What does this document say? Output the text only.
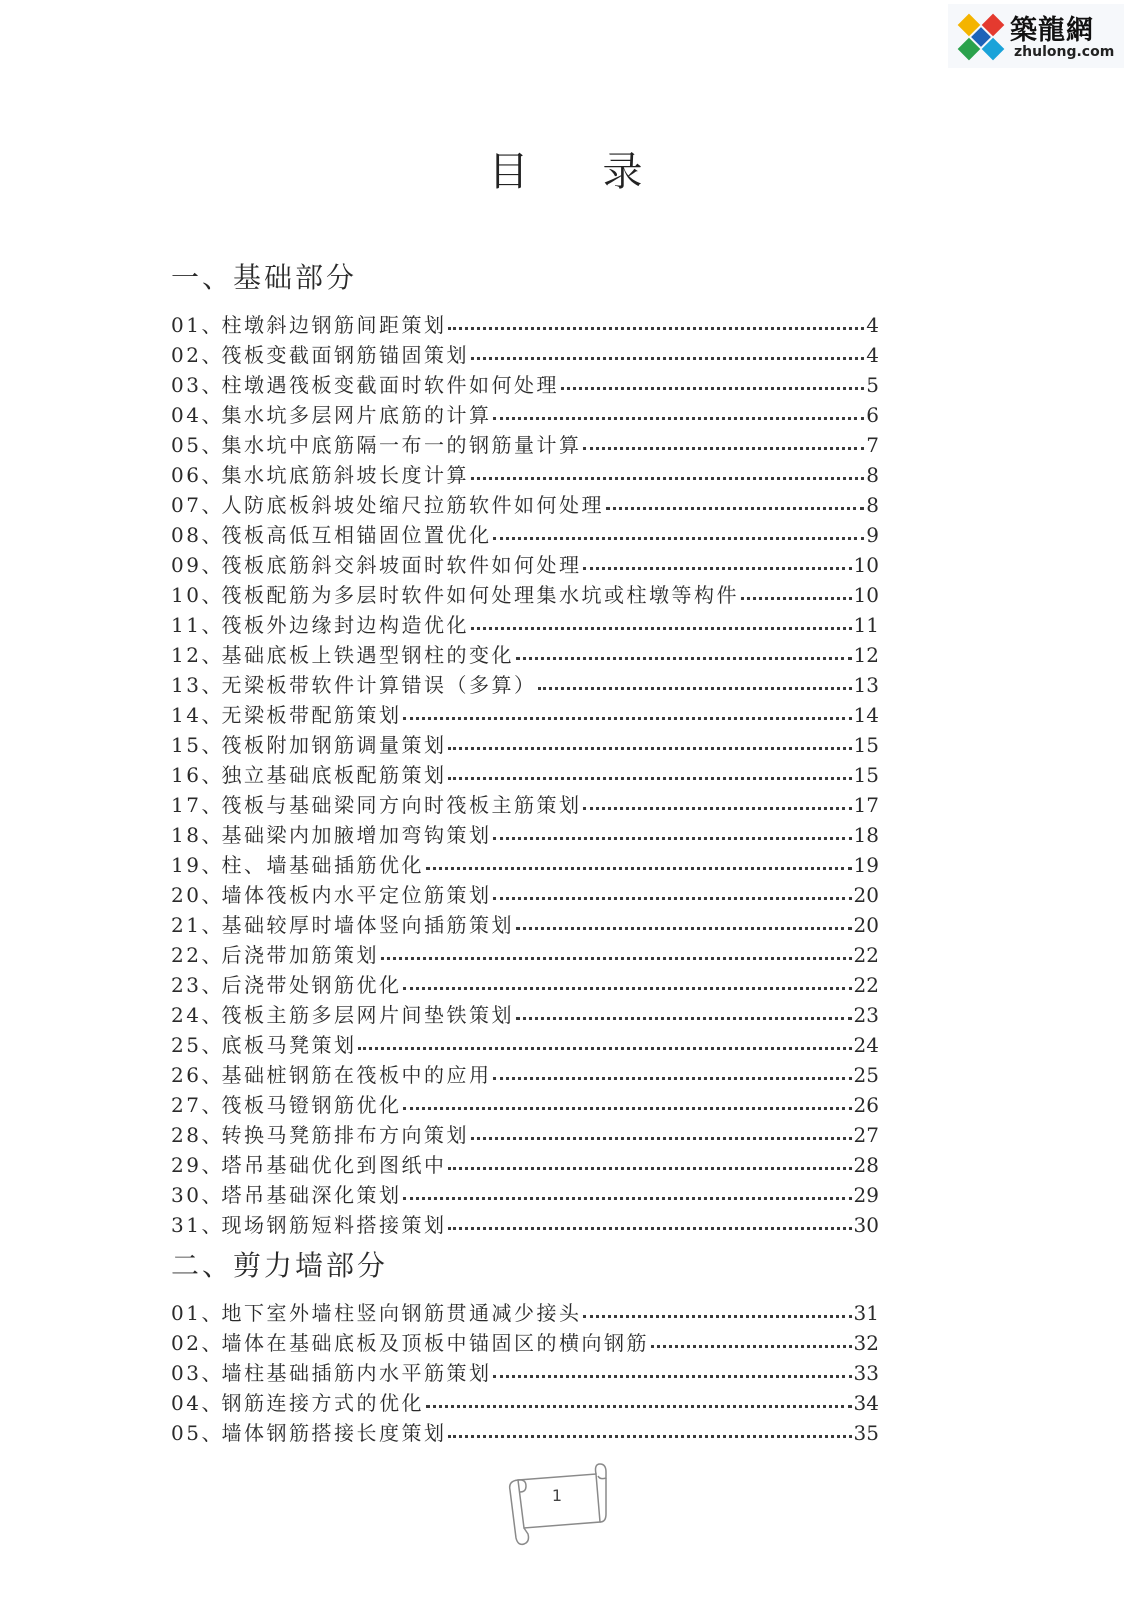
築龍網
zhulong.com
目录
一、基础部分
01 、 柱墩斜边钢筋间距策划	4
02 、 筏板变截面钢筋锚固策划	4
03 、 柱墩遇筏板变截面时软件如何处理	5
04 、 集水坑多层网片底筋的计算	6
05 、 集水坑中底筋隔一布一的钢筋量计算	7
06 、 集水坑底筋斜坡长度计算	8
07 、 人防底板斜坡处缩尺拉筋软件如何处理	8
08 、 筏板高低互相锚固位置优化	9
09 、 筏板底筋斜交斜坡面时软件如何处理	10
10 、 筏板配筋为多层时软件如何处理集水坑或柱墩等构件	10
11 、 筏板外边缘封边构造优化	11
12 、 基础底板上铁遇型钢柱的变化	12
13 、 无梁板带软件计算错误（多算）	13
14 、 无梁板带配筋策划	14
15 、 筏板附加钢筋调量策划	15
16 、 独立基础底板配筋策划	15
17 、 筏板与基础梁同方向时筏板主筋策划	17
18 、 基础梁内加腋增加弯钩策划	18
19 、 柱、墙基础插筋优化	19
20 、 墙体筏板内水平定位筋策划	20
21 、 基础较厚时墙体竖向插筋策划	20
22 、 后浇带加筋策划	22
23 、 后浇带处钢筋优化	22
24 、 筏板主筋多层网片间垫铁策划	23
25 、 底板马凳策划	24
26 、 基础桩钢筋在筏板中的应用	25
27 、 筏板马镫钢筋优化	26
28 、 转换马凳筋排布方向策划	27
29 、 塔吊基础优化到图纸中	28
30 、 塔吊基础深化策划	29
31 、 现场钢筋短料搭接策划	30
二、剪力墙部分
01 、 地下室外墙柱竖向钢筋贯通减少接头	31
02 、 墙体在基础底板及顶板中锚固区的横向钢筋	32
03 、 墙柱基础插筋内水平筋策划	33
04 、 钢筋连接方式的优化	34
05 、 墙体钢筋搭接长度策划	35
1
